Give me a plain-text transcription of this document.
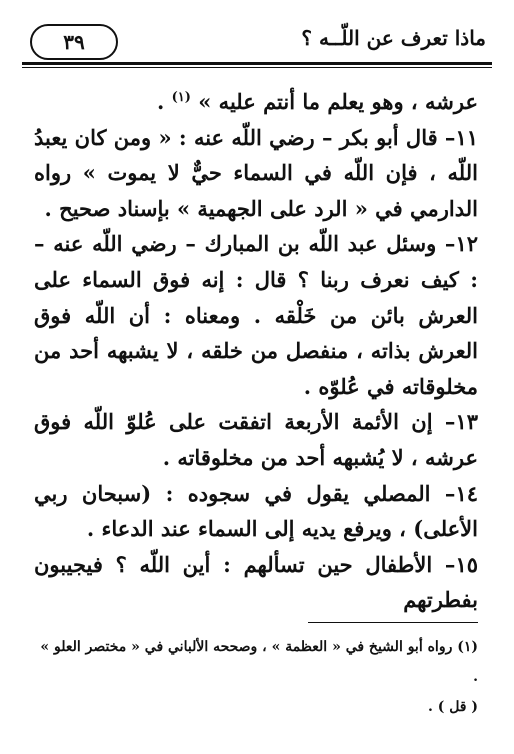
٣٩	ماذا تعرف عن اللّــه ؟

عرشه ، وهو يعلم ما أنتم عليه » $^{(١)}$ .

١١– قال أبو بكر – رضي اللّه عنه : « ومن كان يعبدُ اللّه ، فإن اللّه في السماء حيٌّ لا يموت » رواه الدارمي في « الرد على الجهمية » بإسناد صحيح .

١٢– وسئل عبد اللّه بن المبارك – رضي اللّه عنه – : كيف نعرف ربنا ؟ قال : إنه فوق السماء على العرش بائن من خَلْقه . ومعناه : أن اللّه فوق العرش بذاته ، منفصل من خلقه ، لا يشبهه أحد من مخلوقاته في عُلوّه .

١٣– إن الأئمة الأربعة اتفقت على عُلوّ اللّه فوق عرشه ، لا يُشبهه أحد من مخلوقاته .

١٤– المصلي يقول في سجوده : (سبحان ربي الأعلى) ، ويرفع يديه إلى السماء عند الدعاء .

١٥– الأطفال حين تسألهم : أين اللّه ؟ فيجيبون بفطرتهم

(١) رواه أبو الشيخ في « العظمة » ، وصححه الألباني في « مختصر العلو » .

( قل ) .
